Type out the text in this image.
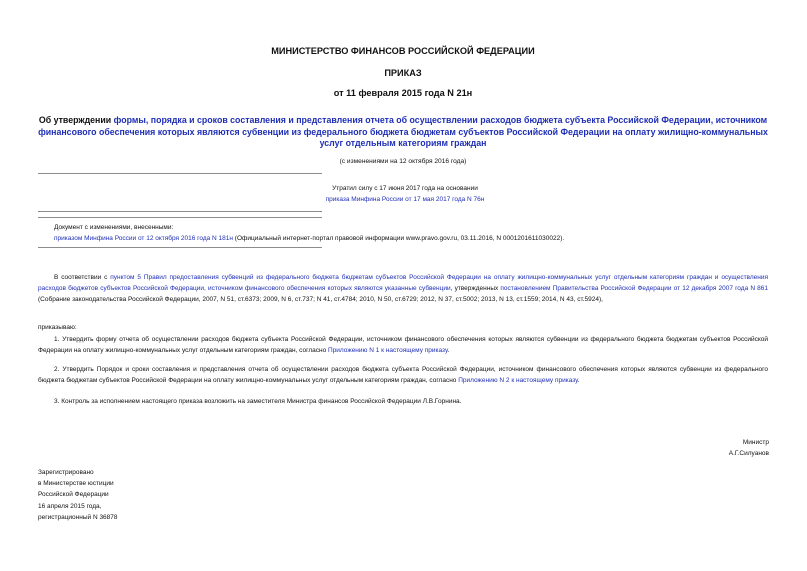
МИНИСТЕРСТВО ФИНАНСОВ РОССИЙСКОЙ ФЕДЕРАЦИИ
ПРИКАЗ
от 11 февраля 2015 года N 21н
Об утверждении формы, порядка и сроков составления и представления отчета об осуществлении расходов бюджета субъекта Российской Федерации, источником финансового обеспечения которых являются субвенции из федерального бюджета бюджетам субъектов Российской Федерации на оплату жилищно-коммунальных услуг отдельным категориям граждан
(с изменениями на 12 октября 2016 года)
Утратил силу с 17 июня 2017 года на основании
приказа Минфина России от 17 мая 2017 года N 76н
Документ с изменениями, внесенными:
приказом Минфина России от 12 октября 2016 года N 181н (Официальный интернет-портал правовой информации www.pravo.gov.ru, 03.11.2016, N 0001201611030022).
В соответствии с пунктом 5 Правил предоставления субвенций из федерального бюджета бюджетам субъектов Российской Федерации на оплату жилищно-коммунальных услуг отдельным категориям граждан и осуществления расходов бюджетов субъектов Российской Федерации, источником финансового обеспечения которых являются указанные субвенции, утвержденных постановлением Правительства Российской Федерации от 12 декабря 2007 года N 861 (Собрание законодательства Российской Федерации, 2007, N 51, ст.6373; 2009, N 6, ст.737; N 41, ст.4784; 2010, N 50, ст.6729; 2012, N 37, ст.5002; 2013, N 13, ст.1559; 2014, N 43, ст.5924),
приказываю:
1. Утвердить форму отчета об осуществлении расходов бюджета субъекта Российской Федерации, источником финансового обеспечения которых являются субвенции из федерального бюджета бюджетам субъектов Российской Федерации на оплату жилищно-коммунальных услуг отдельным категориям граждан, согласно Приложению N 1 к настоящему приказу.
2. Утвердить Порядок и сроки составления и представления отчета об осуществлении расходов бюджета субъекта Российской Федерации, источником финансового обеспечения которых являются субвенции из федерального бюджета бюджетам субъектов Российской Федерации на оплату жилищно-коммунальных услуг отдельным категориям граждан, согласно Приложению N 2 к настоящему приказу.
3. Контроль за исполнением настоящего приказа возложить на заместителя Министра финансов Российской Федерации Л.В.Горнина.
Министр
А.Г.Силуанов
Зарегистрировано
в Министерстве юстиции
Российской Федерации
16 апреля 2015 года,
регистрационный N 36878
